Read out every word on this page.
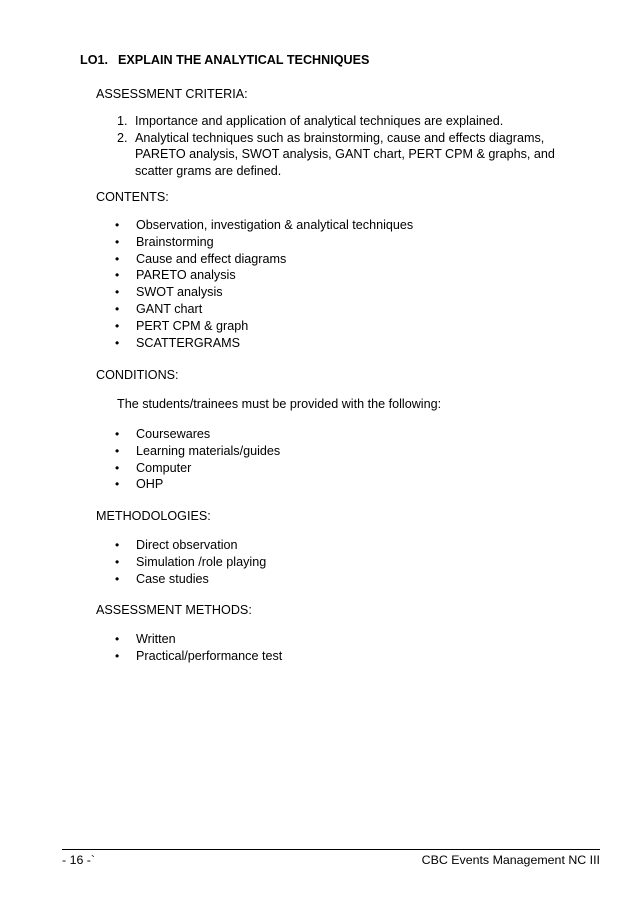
LO1. EXPLAIN THE ANALYTICAL TECHNIQUES
ASSESSMENT CRITERIA:
1. Importance and application of analytical techniques are explained.
2. Analytical techniques such as brainstorming, cause and effects diagrams, PARETO analysis, SWOT analysis, GANT chart, PERT CPM & graphs, and scatter grams are defined.
CONTENTS:
•	Observation, investigation & analytical techniques
•	Brainstorming
•	Cause and effect diagrams
•	PARETO analysis
•	SWOT analysis
•	GANT chart
•	PERT CPM & graph
•	SCATTERGRAMS
CONDITIONS:
The students/trainees must be provided with the following:
•	Coursewares
•	Learning materials/guides
•	Computer
•	OHP
METHODOLOGIES:
•	Direct observation
•	Simulation /role playing
•	Case studies
ASSESSMENT METHODS:
•	Written
•	Practical/performance test
- 16 -`	CBC Events Management NC III
